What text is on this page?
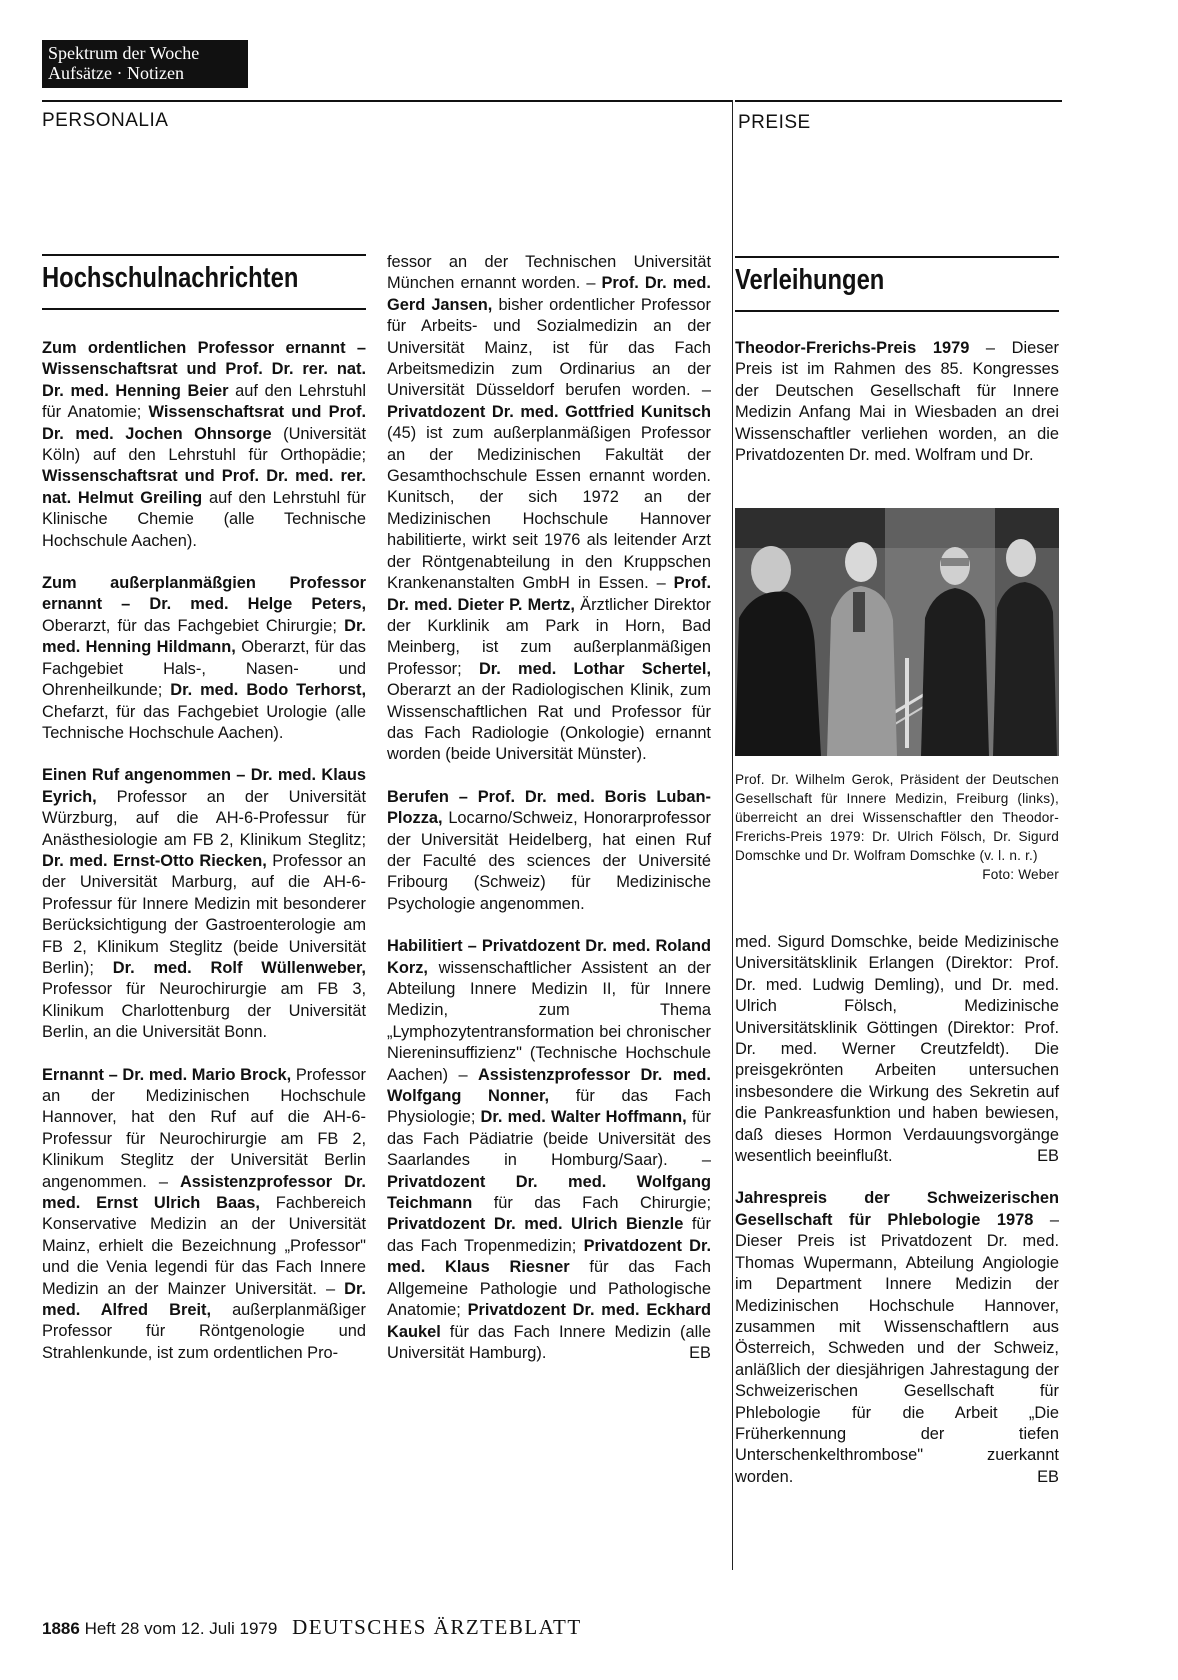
Spektrum der Woche
Aufsätze · Notizen
PERSONALIA	PREISE
Hochschulnachrichten

Zum ordentlichen Professor ernannt – Wissenschaftsrat und Prof. Dr. rer. nat. Dr. med. Henning Beier auf den Lehrstuhl für Anatomie; Wissenschaftsrat und Prof. Dr. med. Jochen Ohnsorge (Universität Köln) auf den Lehrstuhl für Orthopädie; Wissenschaftsrat und Prof. Dr. med. rer. nat. Helmut Greiling auf den Lehrstuhl für Klinische Chemie (alle Technische Hochschule Aachen).

Zum außerplanmäßgien Professor ernannt – Dr. med. Helge Peters, Oberarzt, für das Fachgebiet Chirurgie; Dr. med. Henning Hildmann, Oberarzt, für das Fachgebiet Hals-, Nasen- und Ohrenheilkunde; Dr. med. Bodo Terhorst, Chefarzt, für das Fachgebiet Urologie (alle Technische Hochschule Aachen).

Einen Ruf angenommen – Dr. med. Klaus Eyrich, Professor an der Universität Würzburg, auf die AH-6-Professur für Anästhesiologie am FB 2, Klinikum Steglitz; Dr. med. Ernst-Otto Riecken, Professor an der Universität Marburg, auf die AH-6-Professur für Innere Medizin mit besonderer Berücksichtigung der Gastroenterologie am FB 2, Klinikum Steglitz (beide Universität Berlin); Dr. med. Rolf Wüllenweber, Professor für Neurochirurgie am FB 3, Klinikum Charlottenburg der Universität Berlin, an die Universität Bonn.

Ernannt – Dr. med. Mario Brock, Professor an der Medizinischen Hochschule Hannover, hat den Ruf auf die AH-6-Professur für Neurochirurgie am FB 2, Klinikum Steglitz der Universität Berlin angenommen. – Assistenzprofessor Dr. med. Ernst Ulrich Baas, Fachbereich Konservative Medizin an der Universität Mainz, erhielt die Bezeichnung „Professor" und die Venia legendi für das Fach Innere Medizin an der Mainzer Universität. – Dr. med. Alfred Breit, außerplanmäßiger Professor für Röntgenologie und Strahlenkunde, ist zum ordentlichen Pro-

fessor an der Technischen Universität München ernannt worden. – Prof. Dr. med. Gerd Jansen, bisher ordentlicher Professor für Arbeits- und Sozialmedizin an der Universität Mainz, ist für das Fach Arbeitsmedizin zum Ordinarius an der Universität Düsseldorf berufen worden. – Privatdozent Dr. med. Gottfried Kunitsch (45) ist zum außerplanmäßigen Professor an der Medizinischen Fakultät der Gesamthochschule Essen ernannt worden. Kunitsch, der sich 1972 an der Medizinischen Hochschule Hannover habilitierte, wirkt seit 1976 als leitender Arzt der Röntgenabteilung in den Kruppschen Krankenanstalten GmbH in Essen. – Prof. Dr. med. Dieter P. Mertz, Ärztlicher Direktor der Kurklinik am Park in Horn, Bad Meinberg, ist zum außerplanmäßigen Professor; Dr. med. Lothar Schertel, Oberarzt an der Radiologischen Klinik, zum Wissenschaftlichen Rat und Professor für das Fach Radiologie (Onkologie) ernannt worden (beide Universität Münster).

Berufen – Prof. Dr. med. Boris Luban-Plozza, Locarno/Schweiz, Honorarprofessor der Universität Heidelberg, hat einen Ruf der Faculté des sciences der Université Fribourg (Schweiz) für Medizinische Psychologie angenommen.

Habilitiert – Privatdozent Dr. med. Roland Korz, wissenschaftlicher Assistent an der Abteilung Innere Medizin II, für Innere Medizin, zum Thema „Lymphozytentransformation bei chronischer Niereninsuffizienz" (Technische Hochschule Aachen) – Assistenzprofessor Dr. med. Wolfgang Nonner, für das Fach Physiologie; Dr. med. Walter Hoffmann, für das Fach Pädiatrie (beide Universität des Saarlandes in Homburg/Saar). – Privatdozent Dr. med. Wolfgang Teichmann für das Fach Chirurgie; Privatdozent Dr. med. Ulrich Bienzle für das Fach Tropenmedizin; Privatdozent Dr. med. Klaus Riesner für das Fach Allgemeine Pathologie und Pathologische Anatomie; Privatdozent Dr. med. Eckhard Kaukel für das Fach Innere Medizin (alle Universität Hamburg).	EB

Verleihungen

Theodor-Frerichs-Preis 1979 – Dieser Preis ist im Rahmen des 85. Kongresses der Deutschen Gesellschaft für Innere Medizin Anfang Mai in Wiesbaden an drei Wissenschaftler verliehen worden, an die Privatdozenten Dr. med. Wolfram und Dr.

Prof. Dr. Wilhelm Gerok, Präsident der Deutschen Gesellschaft für Innere Medizin, Freiburg (links), überreicht an drei Wissenschaftler den Theodor-Frerichs-Preis 1979: Dr. Ulrich Fölsch, Dr. Sigurd Domschke und Dr. Wolfram Domschke (v. l. n. r.)
Foto: Weber

med. Sigurd Domschke, beide Medizinische Universitätsklinik Erlangen (Direktor: Prof. Dr. med. Ludwig Demling), und Dr. med. Ulrich Fölsch, Medizinische Universitätsklinik Göttingen (Direktor: Prof. Dr. med. Werner Creutzfeldt). Die preisgekrönten Arbeiten untersuchen insbesondere die Wirkung des Sekretin auf die Pankreasfunktion und haben bewiesen, daß dieses Hormon Verdauungsvorgänge wesentlich beeinflußt.	EB

Jahrespreis der Schweizerischen Gesellschaft für Phlebologie 1978 – Dieser Preis ist Privatdozent Dr. med. Thomas Wupermann, Abteilung Angiologie im Department Innere Medizin der Medizinischen Hochschule Hannover, zusammen mit Wissenschaftlern aus Österreich, Schweden und der Schweiz, anläßlich der diesjährigen Jahrestagung der Schweizerischen Gesellschaft für Phlebologie für die Arbeit „Die Früherkennung der tiefen Unterschenkelthrombose" zuerkannt worden.	EB

1886 Heft 28 vom 12. Juli 1979 DEUTSCHES ÄRZTEBLATT
